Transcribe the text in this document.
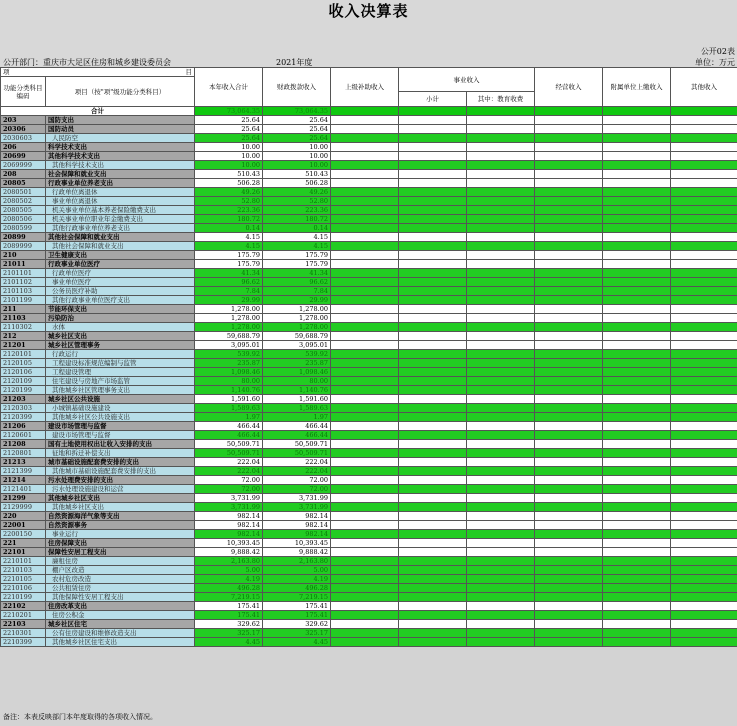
收入决算表
公开02表
公开部门：重庆市大足区住房和城乡建设委员会	2021年度	单位：万元
项 目		本年收入合计	财政拨款收入	上级补助收入	事业收入		经营收入	附属单位上缴收入	其他收入
功能分类科目编码	项目（按"项"级功能分类科目）								
					小计	其中：教育收费			
合计		73,064.35	73,064.35						
203	国防支出	25.64	25.64						
20306	国防动员	25.64	25.64						
2030603	人民防空	25.64	25.64						
206	科学技术支出	10.00	10.00						
20699	其他科学技术支出	10.00	10.00						
2069999	其他科学技术支出	10.00	10.00						
208	社会保障和就业支出	510.43	510.43						
20805	行政事业单位养老支出	506.28	506.28						
2080501	行政单位离退休	49.26	49.26						
2080502	事业单位离退休	52.80	52.80						
2080505	机关事业单位基本养老保险缴费支出	223.36	223.36						
2080506	机关事业单位职业年金缴费支出	180.72	180.72						
2080599	其他行政事业单位养老支出	0.14	0.14						
20899	其他社会保障和就业支出	4.15	4.15						
2089999	其他社会保障和就业支出	4.15	4.15						
210	卫生健康支出	175.79	175.79						
21011	行政事业单位医疗	175.79	175.79						
2101101	行政单位医疗	41.34	41.34						
2101102	事业单位医疗	96.62	96.62						
2101103	公务员医疗补助	7.84	7.84						
2101199	其他行政事业单位医疗支出	29.99	29.99						
211	节能环保支出	1,278.00	1,278.00						
21103	污染防治	1,278.00	1,278.00						
2110302	水体	1,278.00	1,278.00						
212	城乡社区支出	59,688.79	59,688.79						
21201	城乡社区管理事务	3,095.01	3,095.01						
2120101	行政运行	539.92	539.92						
2120105	工程建设标准规范编制与监管	235.87	235.87						
2120106	工程建设管理	1,098.46	1,098.46						
2120109	住宅建设与房地产市场监管	80.00	80.00						
2120199	其他城乡社区管理事务支出	1,140.76	1,140.76						
21203	城乡社区公共设施	1,591.60	1,591.60						
2120303	小城镇基础设施建设	1,589.63	1,589.63						
2120399	其他城乡社区公共设施支出	1.97	1.97						
21206	建设市场管理与监督	466.44	466.44						
2120601	建设市场管理与监督	466.44	466.44						
21208	国有土地使用权出让收入安排的支出	50,509.71	50,509.71						
2120801	征地和拆迁补偿支出	50,509.71	50,509.71						
21213	城市基础设施配套费安排的支出	222.04	222.04						
2121399	其他城市基础设施配套费安排的支出	222.04	222.04						
21214	污水处理费安排的支出	72.00	72.00						
2121401	污水处理设施建设和运营	72.00	72.00						
21299	其他城乡社区支出	3,731.99	3,731.99						
2129999	其他城乡社区支出	3,731.99	3,731.99						
220	自然资源海洋气象等支出	982.14	982.14						
22001	自然资源事务	982.14	982.14						
2200150	事业运行	982.14	982.14						
221	住房保障支出	10,393.45	10,393.45						
22101	保障性安居工程支出	9,888.42	9,888.42						
2210101	廉租住房	2,163.80	2,163.80						
2210103	棚户区改造	5.00	5.00						
2210105	农村危房改造	4.19	4.19						
2210106	公共租赁住房	496.28	496.28						
2210199	其他保障性安居工程支出	7,219.15	7,219.15						
22102	住房改革支出	175.41	175.41						
2210201	住房公积金	175.41	175.41						
22103	城乡社区住宅	329.62	329.62						
2210301	公有住房建设和维修改造支出	325.17	325.17						
2210399	其他城乡社区住宅支出	4.45	4.45						
备注：本表反映部门本年度取得的各项收入情况。
